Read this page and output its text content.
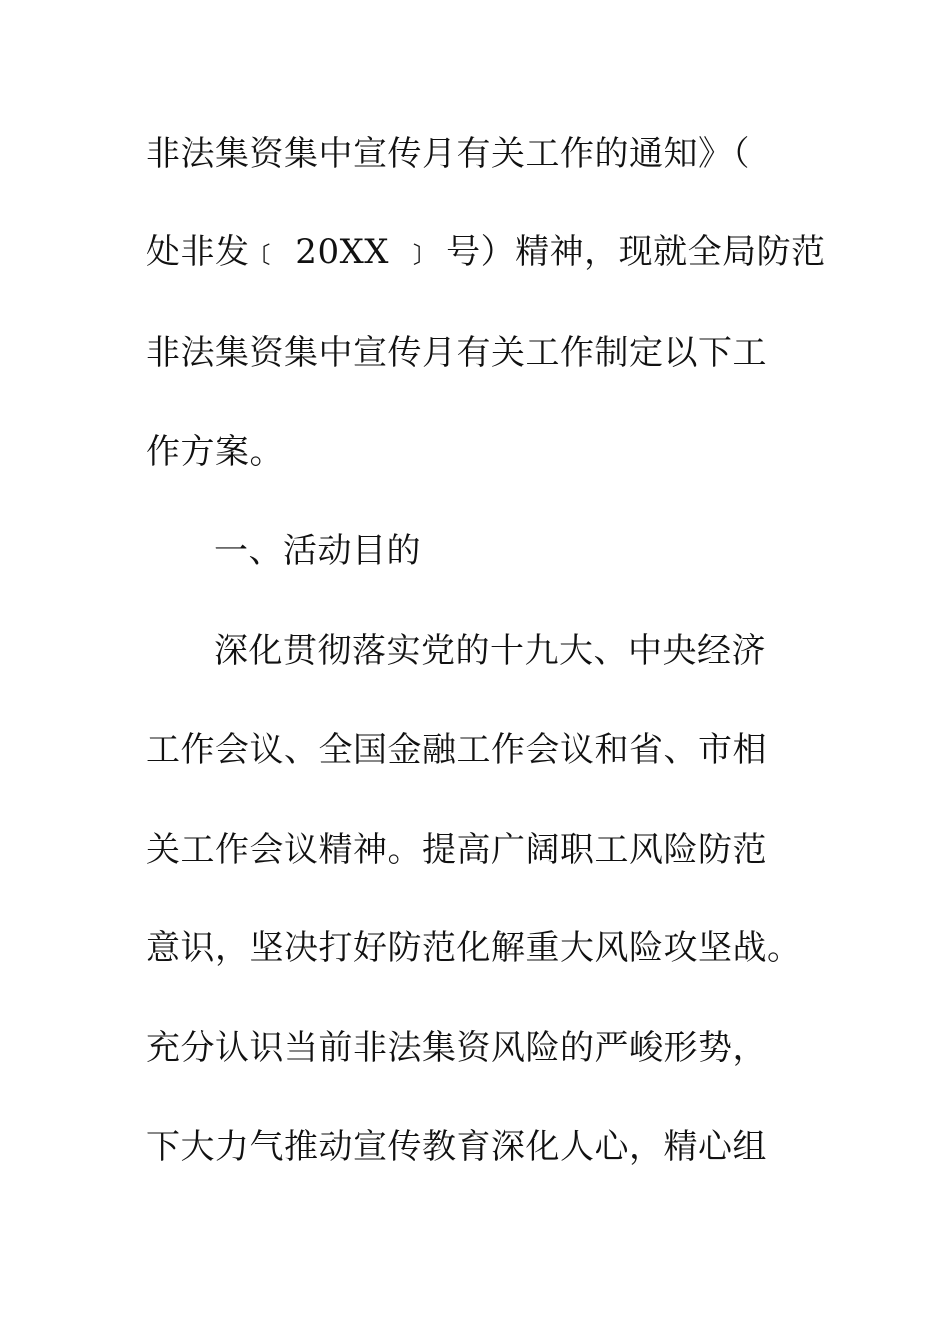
非法集资集中宣传月有关工作的通知》（
处非发﹝ 20XX ﹞ 号）精神，现就全局防范
非法集资集中宣传月有关工作制定以下工
作方案。
一、活动目的
深化贯彻落实党的十九大、中央经济
工作会议、全国金融工作会议和省、市相
关工作会议精神。提高广阔职工风险防范
意识，坚决打好防范化解重大风险攻坚战。
充分认识当前非法集资风险的严峻形势，
下大力气推动宣传教育深化人心，精心组
